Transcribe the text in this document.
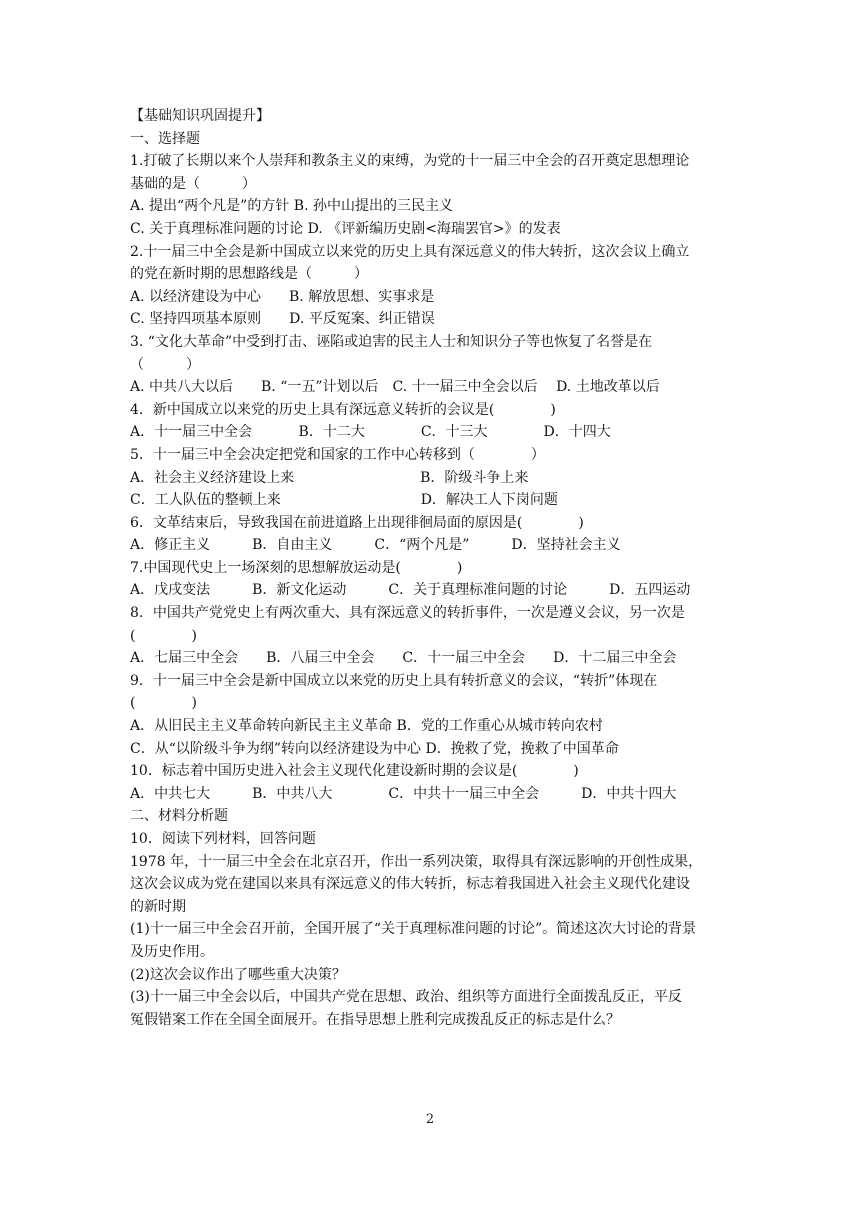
【基础知识巩固提升】
一、选择题
1.打破了长期以来个人崇拜和教条主义的束缚，为党的十一届三中全会的召开奠定思想理论
基础的是（　　　）
A. 提出“两个凡是”的方针 B. 孙中山提出的三民主义
C. 关于真理标准问题的讨论 D. 《评新编历史剧<海瑞罢官>》的发表
2.十一届三中全会是新中国成立以来党的历史上具有深远意义的伟大转折，这次会议上确立
的党在新时期的思想路线是（　　　）
A. 以经济建设为中心　　B. 解放思想、实事求是
C. 坚持四项基本原则　　D. 平反冤案、纠正错误
3. “文化大革命”中受到打击、诬陷或迫害的民主人士和知识分子等也恢复了名誉是在
（　　　）
A. 中共八大以后　　B. “一五”计划以后　C. 十一届三中全会以后　 D. 土地改革以后
4．新中国成立以来党的历史上具有深远意义转折的会议是(　　　　)
A．十一届三中全会　　　 B．十二大　　　　C．十三大　　　　D．十四大
5．十一届三中全会决定把党和国家的工作中心转移到（　　　　）
A．社会主义经济建设上来　　　　　　　　　B．阶级斗争上来
C．工人队伍的整顿上来　　　　　　　　　　D．解决工人下岗问题
6．文革结束后，导致我国在前进道路上出现徘徊局面的原因是(　　　　)
A．修正主义　　　B．自由主义　　　C．“两个凡是”　　　D．坚持社会主义
7.中国现代史上一场深刻的思想解放运动是(　　　　)
A．戊戌变法　　　B．新文化运动　　　C．关于真理标准问题的讨论　　　D．五四运动
8．中国共产党党史上有两次重大、具有深远意义的转折事件，一次是遵义会议，另一次是
(　　　　)
A．七届三中全会　　B．八届三中全会　　C．十一届三中全会　　D．十二届三中全会
9．十一届三中全会是新中国成立以来党的历史上具有转折意义的会议，“转折”体现在
(　　　　)
A．从旧民主主义革命转向新民主主义革命 B．党的工作重心从城市转向农村
C．从“以阶级斗争为纲”转向以经济建设为中心 D．挽救了党，挽救了中国革命
10．标志着中国历史进入社会主义现代化建设新时期的会议是(　　　　)
A．中共七大　　　B．中共八大　　　　C．中共十一届三中全会　　　D．中共十四大
二、材料分析题
10．阅读下列材料，回答问题
1978 年，十一届三中全会在北京召开，作出一系列决策，取得具有深远影响的开创性成果，
这次会议成为党在建国以来具有深远意义的伟大转折，标志着我国进入社会主义现代化建设
的新时期
(1)十一届三中全会召开前，全国开展了“关于真理标准问题的讨论”。简述这次大讨论的背景
及历史作用。
(2)这次会议作出了哪些重大决策？
(3)十一届三中全会以后，中国共产党在思想、政治、组织等方面进行全面拨乱反正，平反
冤假错案工作在全国全面展开。在指导思想上胜利完成拨乱反正的标志是什么？
2
